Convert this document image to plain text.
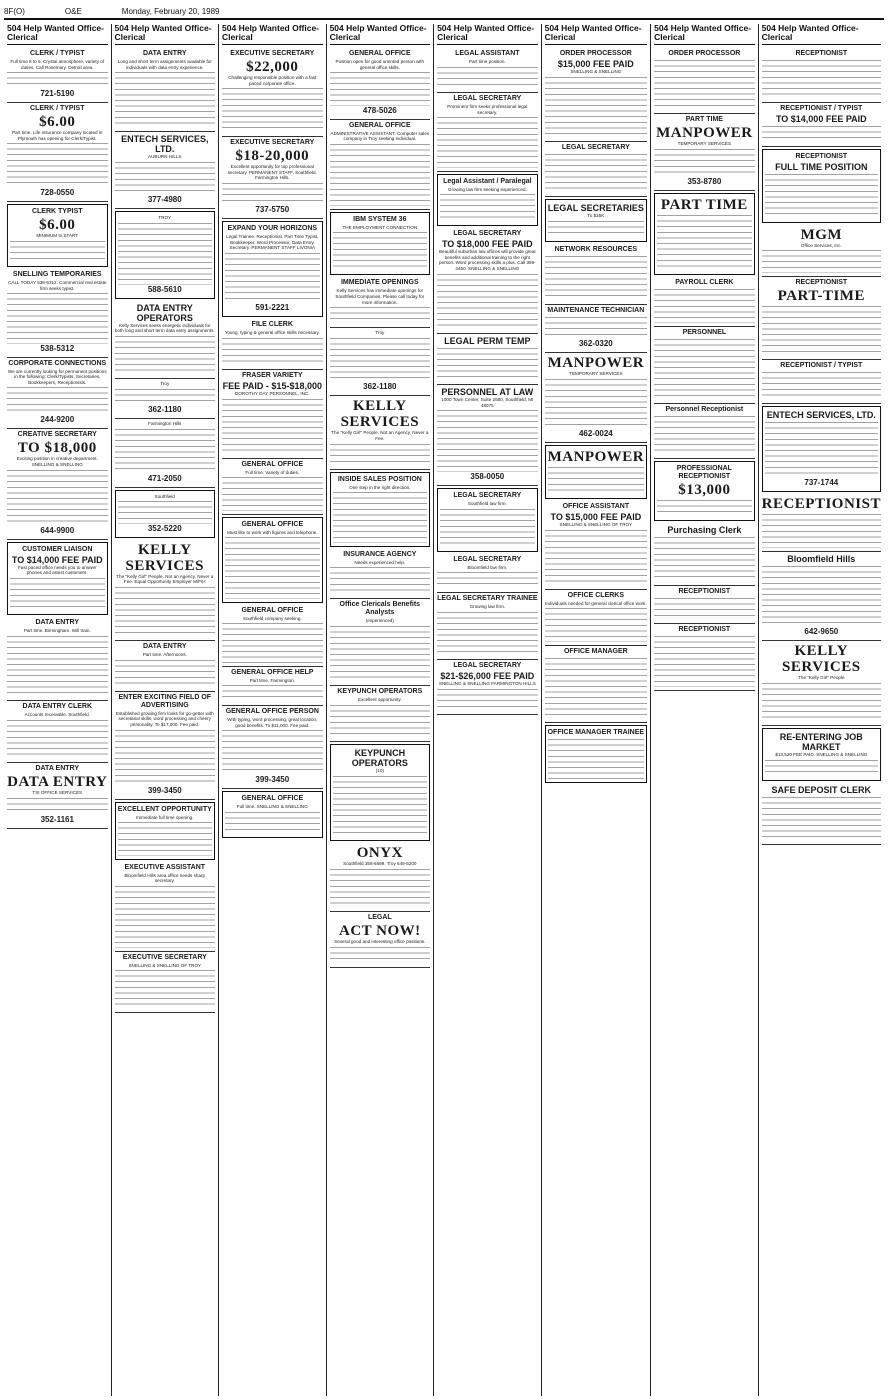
8F(O)	O&E	Monday, February 20, 1989
504 Help Wanted Office-Clerical
CLERK / TYPIST
Full time 8 to 5. Crystal atmosphere, variety of duties. Call Rosemary. Detroit area.
721-5190
CLERK / TYPIST
$6.00
Part time. Life insurance company located in Plymouth has opening for Clerk/Typist.
728-0550
CLERK TYPIST
$6.00
MINIMUM to START
SNELLING TEMPORARIES
CALL TODAY 538-5312. Commercial real estate firm seeks typist.
538-5312
CORPORATE CONNECTIONS
We are currently looking for permanent positions in the following: Clerk/Typists, Secretaries, Bookkeepers, Receptionists.
244-9200
CREATIVE SECRETARY
TO $18,000
Exciting position in creative department. SNELLING & SNELLING
644-9900
CUSTOMER LIAISON
TO $14,000 FEE PAID
Fast paced office needs you to answer phones and assist customers.
DATA ENTRY
Part time. Birmingham. Will train.
DATA ENTRY CLERK
Accounts receivable. Southfield.
DATA ENTRY
DATA ENTRY
TSI OFFICE SERVICES
352-1161
504 Help Wanted Office-Clerical
DATA ENTRY
Long and short term assignments available for individuals with data entry experience.
ENTECH SERVICES, LTD.
AUBURN HILLS
377-4980
TROY
588-5610
DATA ENTRY OPERATORS
Kelly Services seeks energetic individuals for both long and short term data entry assignments.
Troy
362-1180
Farmington Hills
471-2050
Southfield
352-5220
KELLY SERVICES
The "Kelly Girl" People. Not an Agency, Never a Fee. Equal Opportunity Employer M/F/H
DATA ENTRY
Part time. Afternoons.
ENTER EXCITING FIELD OF ADVERTISING
Established growing firm looks for go-getter with secretarial skills, word processing and cheery personality. To $17,000. Fee paid.
399-3450
EXCELLENT OPPORTUNITY
Immediate full time opening.
EXECUTIVE ASSISTANT
Bloomfield Hills area office needs sharp secretary.
EXECUTIVE SECRETARY
SNELLING & SNELLING OF TROY
504 Help Wanted Office-Clerical
EXECUTIVE SECRETARY
$22,000
Challenging responsible position with a fast paced corporate office.
EXECUTIVE SECRETARY
$18-20,000
Excellent opportunity for top professional secretary. PERMANENT STAFF. Southfield. Farmington Hills.
737-5750
EXPAND YOUR HORIZONS
Legal Trainee, Receptionist, Part Time Typist, Bookkeeper, Word Processor, Data Entry, Secretary. PERMANENT STAFF LIVONIA
591-2221
FILE CLERK
Young, typing & general office skills necessary.
FRASER VARIETY
FEE PAID - $15-$18,000
DOROTHY DAY PERSONNEL, INC.
GENERAL OFFICE
Full time. Variety of duties.
GENERAL OFFICE
Must like to work with figures and telephone.
GENERAL OFFICE
Southfield company seeking.
GENERAL OFFICE HELP
Part time. Farmington.
GENERAL OFFICE PERSON
With typing, word processing, great location, good benefits. To $11,000. Fee paid.
399-3450
GENERAL OFFICE
Full time. SNELLING & SNELLING
504 Help Wanted Office-Clerical
GENERAL OFFICE
Position open for good oriented person with general office skills.
478-5026
GENERAL OFFICE
ADMINISTRATIVE ASSISTANT. Computer sales company in Troy seeking individual.
IBM SYSTEM 36
THE EMPLOYMENT CONNECTION
IMMEDIATE OPENINGS
Kelly Services has immediate openings for Southfield Companies. Please call today for more information.
Troy
362-1180
KELLY SERVICES
The "Kelly Girl" People. Not an Agency, Never a Fee.
INSIDE SALES POSITION
One step in the right direction.
INSURANCE AGENCY
Needs experienced help.
Office Clericals Benefits Analysts
(experienced)
KEYPUNCH OPERATORS
Excellent opportunity.
KEYPUNCH OPERATORS
(10)
ONYX
Southfield 358-6699. Troy 649-5200
LEGAL
ACT NOW!
Several good and interesting office positions.
504 Help Wanted Office-Clerical
LEGAL ASSISTANT
Part time position.
LEGAL SECRETARY
Prominent firm seeks professional legal secretary.
Legal Assistant / Paralegal
Growing law firm seeking experienced.
LEGAL SECRETARY
TO $18,000 FEE PAID
Beautiful suburban law offices will provide great benefits and additional training to the right person. Word processing skills a plus. Call 399-3450. SNELLING & SNELLING
LEGAL PERM TEMP
PERSONNEL AT LAW
1000 Town Center, Suite 2580, Southfield, MI 48075
358-0050
LEGAL SECRETARY
Southfield law firm.
LEGAL SECRETARY
Bloomfield law firm.
LEGAL SECRETARY TRAINEE
Growing law firm.
LEGAL SECRETARY
$21-$26,000 FEE PAID
SNELLING & SNELLING FARMINGTON HILLS
504 Help Wanted Office-Clerical
ORDER PROCESSOR
$15,000 FEE PAID
SNELLING & SNELLING
LEGAL SECRETARY
LEGAL SECRETARIES
To $25K
NETWORK RESOURCES
MAINTENANCE TECHNICIAN
362-0320
MANPOWER
TEMPORARY SERVICES
462-0024
MANPOWER
OFFICE ASSISTANT
TO $15,000 FEE PAID
SNELLING & SNELLING OF TROY
OFFICE CLERKS
Individuals needed for general clerical office work.
OFFICE MANAGER
OFFICE MANAGER TRAINEE
504 Help Wanted Office-Clerical
ORDER PROCESSOR
PART TIME
MANPOWER
TEMPORARY SERVICES
353-8780
PART TIME
PAYROLL CLERK
PERSONNEL
Personnel Receptionist
PROFESSIONAL RECEPTIONIST
$13,000
Purchasing Clerk
RECEPTIONIST
RECEPTIONIST
504 Help Wanted Office-Clerical
RECEPTIONIST
RECEPTIONIST / TYPIST
TO $14,000 FEE PAID
RECEPTIONIST
FULL TIME POSITION
MGM
Office Services, Inc.
RECEPTIONIST
PART-TIME
RECEPTIONIST / TYPIST
ENTECH SERVICES, LTD.
737-1744
RECEPTIONIST
Bloomfield Hills
642-9650
KELLY SERVICES
The "Kelly Girl" People
RE-ENTERING JOB MARKET
$13,520 FEE PAID. SNELLING & SNELLING
SAFE DEPOSIT CLERK
